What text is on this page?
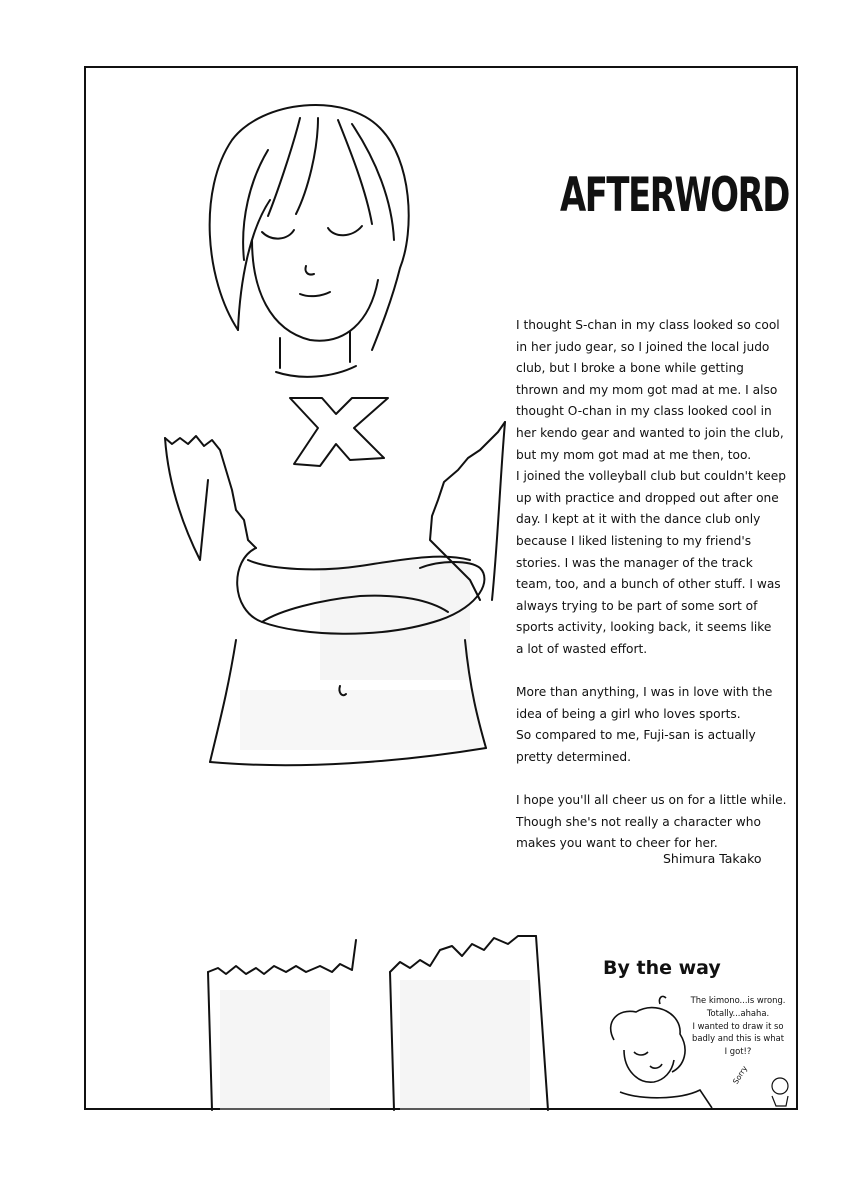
AFTERWORD

I thought S-chan in my class looked so cool
in her judo gear, so I joined the local judo
club, but I broke a bone while getting
thrown and my mom got mad at me. I also
thought O-chan in my class looked cool in
her kendo gear and wanted to join the club,
but my mom got mad at me then, too.
I joined the volleyball club but couldn't keep
up with practice and dropped out after one
day. I kept at it with the dance club only
because I liked listening to my friend's
stories. I was the manager of the track
team, too, and a bunch of other stuff. I was
always trying to be part of some sort of
sports activity, looking back, it seems like
a lot of wasted effort.

More than anything, I was in love with the
idea of being a girl who loves sports.
So compared to me, Fuji-san is actually
pretty determined.

I hope you'll all cheer us on for a little while.
Though she's not really a character who
makes you want to cheer for her.

Shimura Takako
By the way
The kimono...is wrong.
Totally...ahaha.
I wanted to draw it so
badly and this is what
I got!?
Sorry
